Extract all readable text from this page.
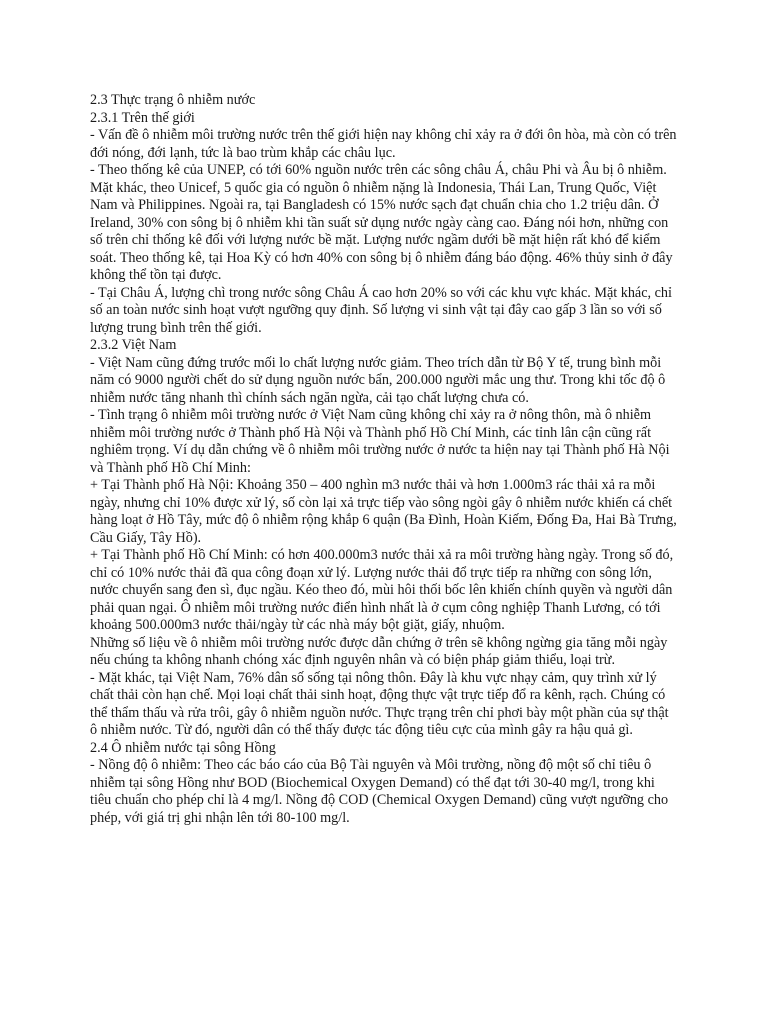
2.3 Thực trạng ô nhiễm nước

2.3.1 Trên thế giới

- Vấn đề ô nhiễm môi trường nước trên thế giới hiện nay không chỉ xảy ra ở đới ôn hòa, mà còn có trên đới nóng, đới lạnh, tức là bao trùm khắp các châu lục.

- Theo thống kê của UNEP, có tới 60% nguồn nước trên các sông châu Á, châu Phi và Âu bị ô nhiễm. Mặt khác, theo Unicef, 5 quốc gia có nguồn ô nhiễm nặng là Indonesia, Thái Lan, Trung Quốc, Việt Nam và Philippines. Ngoài ra, tại Bangladesh có 15% nước sạch đạt chuẩn chia cho 1.2 triệu dân. Ở Ireland, 30% con sông bị ô nhiễm khi tần suất sử dụng nước ngày càng cao. Đáng nói hơn, những con số trên chỉ thống kê đối với lượng nước bề mặt. Lượng nước ngầm dưới bề mặt hiện rất khó để kiểm soát. Theo thống kê, tại Hoa Kỳ có hơn 40% con sông bị ô nhiễm đáng báo động. 46% thủy sinh ở đây không thể tồn tại được.

- Tại Châu Á, lượng chì trong nước sông Châu Á cao hơn 20% so với các khu vực khác. Mặt khác, chỉ số an toàn nước sinh hoạt vượt ngưỡng quy định. Số lượng vi sinh vật tại đây cao gấp 3 lần so với số lượng trung bình trên thế giới.

2.3.2 Việt Nam

- Việt Nam cũng đứng trước mối lo chất lượng nước giảm. Theo trích dẫn từ Bộ Y tế, trung bình mỗi năm có 9000 người chết do sử dụng nguồn nước bẩn, 200.000 người mắc ung thư. Trong khi tốc độ ô nhiễm nước tăng nhanh thì chính sách ngăn ngừa, cải tạo chất lượng chưa có.

- Tình trạng ô nhiễm môi trường nước ở Việt Nam cũng không chỉ xảy ra ở nông thôn, mà ô nhiễm nhiễm môi trường nước ở Thành phố Hà Nội và Thành phố Hồ Chí Minh, các tỉnh lân cận cũng rất nghiêm trọng. Ví dụ dẫn chứng về ô nhiễm môi trường nước ở nước ta hiện nay tại Thành phố Hà Nội và Thành phố Hồ Chí Minh:

+ Tại Thành phố Hà Nội: Khoảng 350 – 400 nghìn m3 nước thải và hơn 1.000m3 rác thải xả ra mỗi ngày, nhưng chỉ 10% được xử lý, số còn lại xả trực tiếp vào sông ngòi gây ô nhiễm nước khiến cá chết hàng loạt ở Hồ Tây, mức độ ô nhiễm rộng khắp 6 quận (Ba Đình, Hoàn Kiếm, Đống Đa, Hai Bà Trưng, Cầu Giấy, Tây Hồ).

+ Tại Thành phố Hồ Chí Minh: có hơn 400.000m3 nước thải xả ra môi trường hàng ngày. Trong số đó, chỉ có 10% nước thải đã qua công đoạn xử lý. Lượng nước thải đổ trực tiếp ra những con sông lớn, nước chuyển sang đen sì, đục ngầu. Kéo theo đó, mùi hôi thối bốc lên khiến chính quyền và người dân phải quan ngại. Ô nhiễm môi trường nước điển hình nhất là ở cụm công nghiệp Thanh Lương, có tới khoảng 500.000m3 nước thải/ngày từ các nhà máy bột giặt, giấy, nhuộm.

Những số liệu về ô nhiễm môi trường nước được dẫn chứng ở trên sẽ không ngừng gia tăng mỗi ngày nếu chúng ta không nhanh chóng xác định nguyên nhân và có biện pháp giảm thiểu, loại trừ.

- Mặt khác, tại Việt Nam, 76% dân số sống tại nông thôn. Đây là khu vực nhạy cảm, quy trình xử lý chất thải còn hạn chế. Mọi loại chất thải sinh hoạt, động thực vật trực tiếp đổ ra kênh, rạch. Chúng có thể thẩm thấu và rửa trôi, gây ô nhiễm nguồn nước. Thực trạng trên chỉ phơi bày một phần của sự thật ô nhiễm nước. Từ đó, người dân có thể thấy được tác động tiêu cực của mình gây ra hậu quả gì.

2.4 Ô nhiễm nước tại sông Hồng

- Nồng độ ô nhiễm: Theo các báo cáo của Bộ Tài nguyên và Môi trường, nồng độ một số chỉ tiêu ô nhiễm tại sông Hồng như BOD (Biochemical Oxygen Demand) có thể đạt tới 30-40 mg/l, trong khi tiêu chuẩn cho phép chỉ là 4 mg/l. Nồng độ COD (Chemical Oxygen Demand) cũng vượt ngưỡng cho phép, với giá trị ghi nhận lên tới 80-100 mg/l.
